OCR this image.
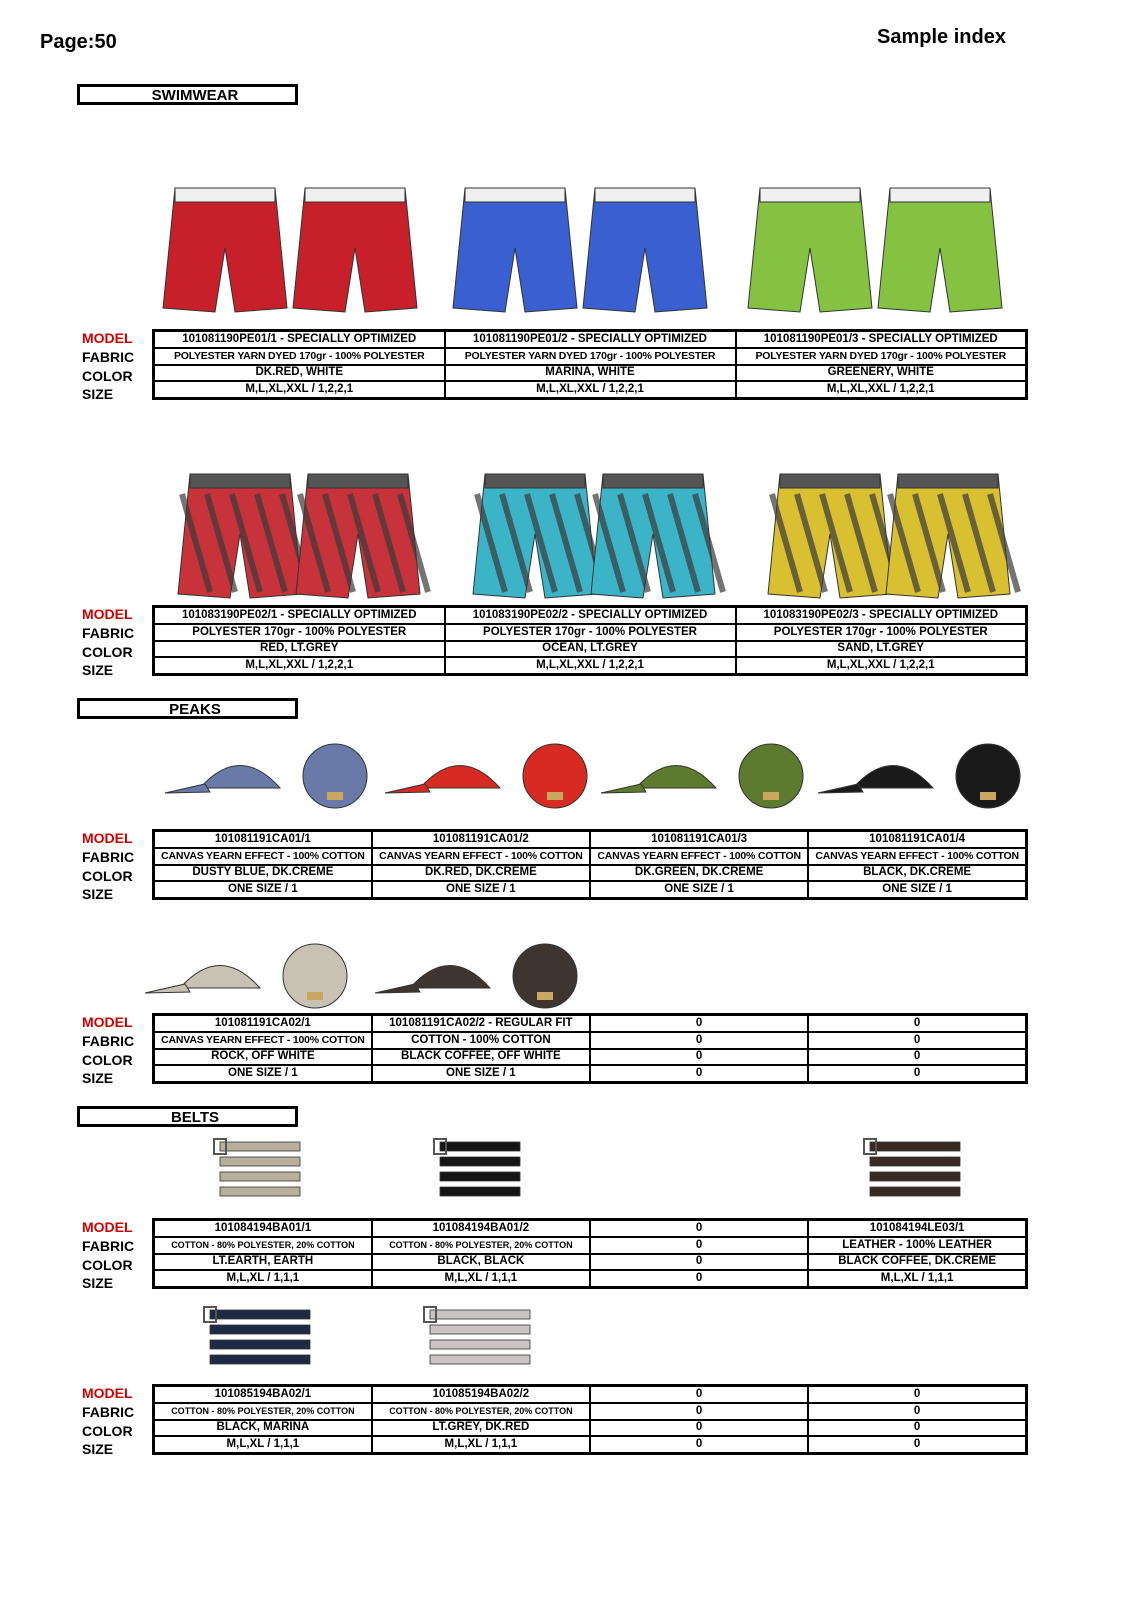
Page:50	Sample index
SWIMWEAR
PEAKS
BELTS
MODEL
FABRIC
COLOR
SIZE
101081190PE01/1 - SPECIALLY OPTIMIZED	101081190PE01/2 - SPECIALLY OPTIMIZED	101081190PE01/3 - SPECIALLY OPTIMIZED
POLYESTER YARN DYED 170gr - 100% POLYESTER	POLYESTER YARN DYED 170gr - 100% POLYESTER	POLYESTER YARN DYED 170gr - 100% POLYESTER
DK.RED, WHITE	MARINA, WHITE	GREENERY, WHITE
M,L,XL,XXL / 1,2,2,1	M,L,XL,XXL / 1,2,2,1	M,L,XL,XXL / 1,2,2,1
MODEL
FABRIC
COLOR
SIZE
101083190PE02/1 - SPECIALLY OPTIMIZED	101083190PE02/2 - SPECIALLY OPTIMIZED	101083190PE02/3 - SPECIALLY OPTIMIZED
POLYESTER 170gr - 100% POLYESTER	POLYESTER 170gr - 100% POLYESTER	POLYESTER 170gr - 100% POLYESTER
RED, LT.GREY	OCEAN, LT.GREY	SAND, LT.GREY
M,L,XL,XXL / 1,2,2,1	M,L,XL,XXL / 1,2,2,1	M,L,XL,XXL / 1,2,2,1
MODEL
FABRIC
COLOR
SIZE
101081191CA01/1	101081191CA01/2	101081191CA01/3	101081191CA01/4
CANVAS YEARN EFFECT - 100% COTTON	CANVAS YEARN EFFECT - 100% COTTON	CANVAS YEARN EFFECT - 100% COTTON	CANVAS YEARN EFFECT - 100% COTTON
DUSTY BLUE, DK.CREME	DK.RED, DK.CREME	DK.GREEN, DK.CREME	BLACK, DK.CREME
ONE SIZE / 1	ONE SIZE / 1	ONE SIZE / 1	ONE SIZE / 1
MODEL
FABRIC
COLOR
SIZE
101081191CA02/1	101081191CA02/2 - REGULAR FIT	0	0
CANVAS YEARN EFFECT - 100% COTTON	COTTON - 100% COTTON	0	0
ROCK, OFF WHITE	BLACK COFFEE, OFF WHITE	0	0
ONE SIZE / 1	ONE SIZE / 1	0	0
MODEL
FABRIC
COLOR
SIZE
101084194BA01/1	101084194BA01/2	0	101084194LE03/1
COTTON - 80% POLYESTER, 20% COTTON	COTTON - 80% POLYESTER, 20% COTTON	0	LEATHER - 100% LEATHER
LT.EARTH, EARTH	BLACK, BLACK	0	BLACK COFFEE, DK.CREME
M,L,XL / 1,1,1	M,L,XL / 1,1,1	0	M,L,XL / 1,1,1
MODEL
FABRIC
COLOR
SIZE
101085194BA02/1	101085194BA02/2	0	0
COTTON - 80% POLYESTER, 20% COTTON	COTTON - 80% POLYESTER, 20% COTTON	0	0
BLACK, MARINA	LT.GREY, DK.RED	0	0
M,L,XL / 1,1,1	M,L,XL / 1,1,1	0	0
